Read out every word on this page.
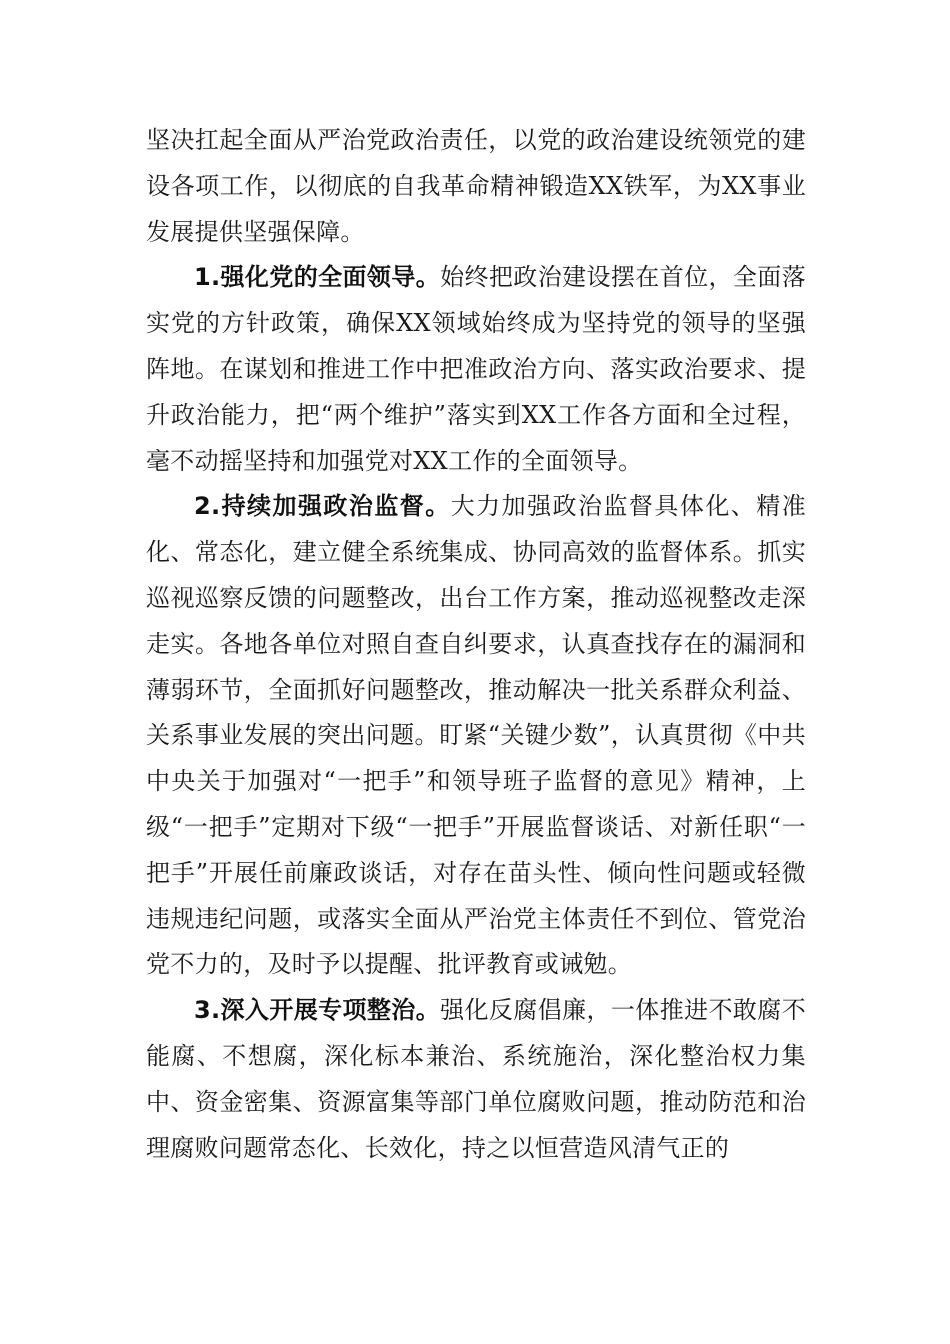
坚决扛起全面从严治党政治责任，以党的政治建设统领党的建设各项工作，以彻底的自我革命精神锻造XX铁军，为XX事业发展提供坚强保障。

1.强化党的全面领导。始终把政治建设摆在首位，全面落实党的方针政策，确保XX领域始终成为坚持党的领导的坚强阵地。在谋划和推进工作中把准政治方向、落实政治要求、提升政治能力，把“两个维护”落实到XX工作各方面和全过程，毫不动摇坚持和加强党对XX工作的全面领导。

2.持续加强政治监督。大力加强政治监督具体化、精准化、常态化，建立健全系统集成、协同高效的监督体系。抓实巡视巡察反馈的问题整改，出台工作方案，推动巡视整改走深走实。各地各单位对照自查自纠要求，认真查找存在的漏洞和薄弱环节，全面抓好问题整改，推动解决一批关系群众利益、关系事业发展的突出问题。盯紧“关键少数”，认真贯彻《中共中央关于加强对“一把手”和领导班子监督的意见》精神，上级“一把手”定期对下级“一把手”开展监督谈话、对新任职“一把手”开展任前廉政谈话，对存在苗头性、倾向性问题或轻微违规违纪问题，或落实全面从严治党主体责任不到位、管党治党不力的，及时予以提醒、批评教育或诫勉。

3.深入开展专项整治。强化反腐倡廉，一体推进不敢腐不能腐、不想腐，深化标本兼治、系统施治，深化整治权力集中、资金密集、资源富集等部门单位腐败问题，推动防范和治理腐败问题常态化、长效化，持之以恒营造风清气正的
